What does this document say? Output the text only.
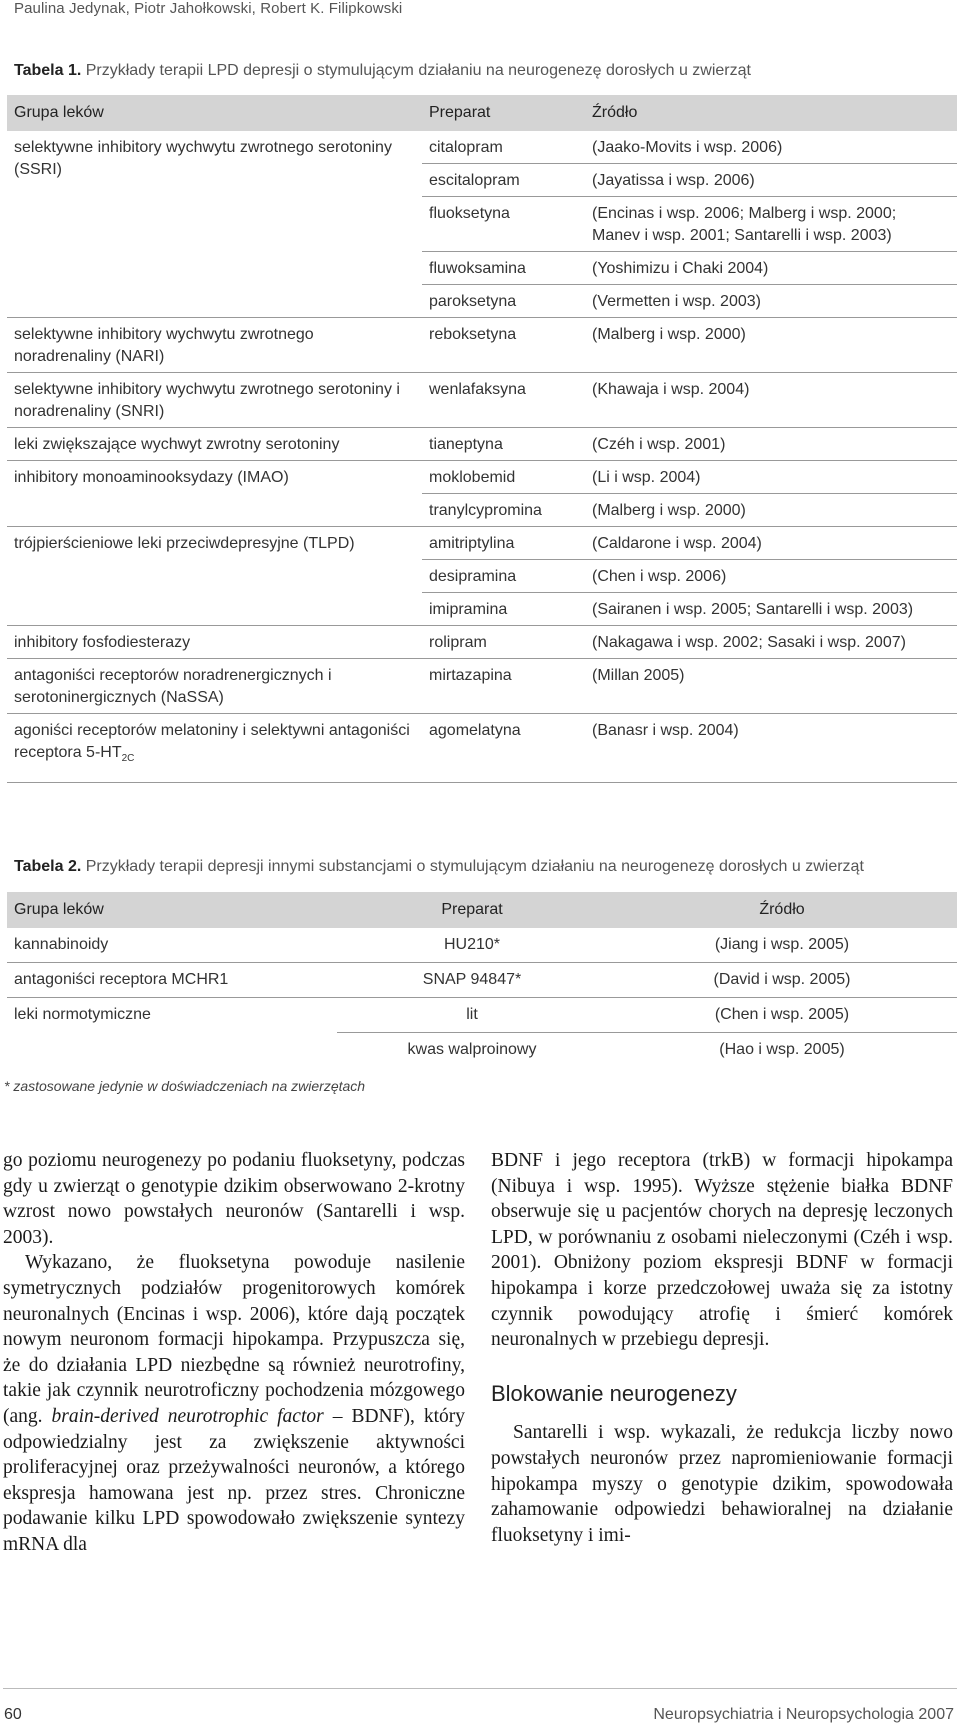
Paulina Jedynak, Piotr Jahołkowski, Robert K. Filipkowski
Tabela 1. Przykłady terapii LPD depresji o stymulującym działaniu na neurogenezę dorosłych u zwierząt
Grupa leków	Preparat	Źródło
selektywne inhibitory wychwytu zwrotnego serotoniny (SSRI)	citalopram	(Jaako-Movits i wsp. 2006)
	escitalopram	(Jayatissa i wsp. 2006)
	fluoksetyna	(Encinas i wsp. 2006; Malberg i wsp. 2000; Manev i wsp. 2001; Santarelli i wsp. 2003)
	fluwoksamina	(Yoshimizu i Chaki 2004)
	paroksetyna	(Vermetten i wsp. 2003)
selektywne inhibitory wychwytu zwrotnego noradrenaliny (NARI)	reboksetyna	(Malberg i wsp. 2000)
selektywne inhibitory wychwytu zwrotnego serotoniny i noradrenaliny (SNRI)	wenlafaksyna	(Khawaja i wsp. 2004)
leki zwiększające wychwyt zwrotny serotoniny	tianeptyna	(Czéh i wsp. 2001)
inhibitory monoaminooksydazy (IMAO)	moklobemid	(Li i wsp. 2004)
	tranylcypromina	(Malberg i wsp. 2000)
trójpierścieniowe leki przeciwdepresyjne (TLPD)	amitriptylina	(Caldarone i wsp. 2004)
	desipramina	(Chen i wsp. 2006)
	imipramina	(Sairanen i wsp. 2005; Santarelli i wsp. 2003)
inhibitory fosfodiesterazy	rolipram	(Nakagawa i wsp. 2002; Sasaki i wsp. 2007)
antagoniści receptorów noradrenergicznych i serotoninergicznych (NaSSA)	mirtazapina	(Millan 2005)
agoniści receptorów melatoniny i selektywni antagoniści receptora $5-HT_{2C}$	agomelatyna	(Banasr i wsp. 2004)
Tabela 2. Przykłady terapii depresji innymi substancjami o stymulującym działaniu na neurogenezę dorosłych u zwierząt
Grupa leków	Preparat	Źródło
kannabinoidy	HU210*	(Jiang i wsp. 2005)
antagoniści receptora MCHR1	SNAP 94847*	(David i wsp. 2005)
leki normotymiczne	lit	(Chen i wsp. 2005)
	kwas walproinowy	(Hao i wsp. 2005)
* zastosowane jedynie w doświadczeniach na zwierzętach

go poziomu neurogenezy po podaniu fluoksetyny, podczas gdy u zwierząt o genotypie dzikim obserwowano 2-krotny wzrost nowo powstałych neuronów (Santarelli i wsp. 2003).

Wykazano, że fluoksetyna powoduje nasilenie symetrycznych podziałów progenitorowych komórek neuronalnych (Encinas i wsp. 2006), które dają początek nowym neuronom formacji hipokampa. Przypuszcza się, że do działania LPD niezbędne są również neurotrofiny, takie jak czynnik neurotroficzny pochodzenia mózgowego (ang. brain-derived neurotrophic factor – BDNF), który odpowiedzialny jest za zwiększenie aktywności proliferacyjnej oraz przeżywalności neuronów, a którego ekspresja hamowana jest np. przez stres. Chroniczne podawanie kilku LPD spowodowało zwiększenie syntezy mRNA dla

BDNF i jego receptora (trkB) w formacji hipokampa (Nibuya i wsp. 1995). Wyższe stężenie białka BDNF obserwuje się u pacjentów chorych na depresję leczonych LPD, w porównaniu z osobami nieleczonymi (Czéh i wsp. 2001). Obniżony poziom ekspresji BDNF w formacji hipokampa i korze przedczołowej uważa się za istotny czynnik powodujący atrofię i śmierć komórek neuronalnych w przebiegu depresji.

Blokowanie neurogenezy

Santarelli i wsp. wykazali, że redukcja liczby nowo powstałych neuronów przez napromieniowanie formacji hipokampa myszy o genotypie dzikim, spowodowała zahamowanie odpowiedzi behawioralnej na działanie fluoksetyny i imi-

60	Neuropsychiatria i Neuropsychologia 2007
